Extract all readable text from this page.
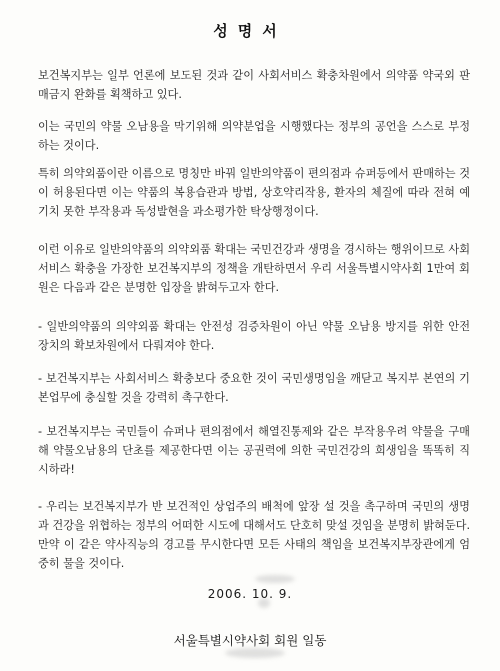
성명서
보건복지부는 일부 언론에 보도된 것과 같이 사회서비스 확충차원에서 의약품 약국외 판매금지 완화를 획책하고 있다.
이는 국민의 약물 오남용을 막기위해 의약분업을 시행했다는 정부의 공언을 스스로 부정하는 것이다.
특히 의약외품이란 이름으로 명칭만 바꿔 일반의약품이 편의점과 슈퍼등에서 판매하는 것이 허용된다면 이는 약품의 복용습관과 방법, 상호약리작용, 환자의 체질에 따라 전혀 예기치 못한 부작용과 독성발현을 과소평가한 탁상행정이다.
이런 이유로 일반의약품의 의약외품 확대는 국민건강과 생명을 경시하는 행위이므로 사회서비스 확충을 가장한 보건복지부의 정책을 개탄하면서 우리 서울특별시약사회 1만여 회원은 다음과 같은 분명한 입장을 밝혀두고자 한다.
- 일반의약품의 의약외품 확대는 안전성 검증차원이 아닌 약물 오남용 방지를 위한 안전장치의 확보차원에서 다뤄져야 한다.
- 보건복지부는 사회서비스 확충보다 중요한 것이 국민생명임을 깨닫고 복지부 본연의 기본업무에 충실할 것을 강력히 촉구한다.
- 보건복지부는 국민들이 슈퍼나 편의점에서 해열진통제와 같은 부작용우려 약물을 구매해 약물오남용의 단초를 제공한다면 이는 공권력에 의한 국민건강의 희생임을 똑똑히 직시하라!
- 우리는 보건복지부가 반 보건적인 상업주의 배척에 앞장 설 것을 촉구하며 국민의 생명과 건강을 위협하는 정부의 어떠한 시도에 대해서도 단호히 맞설 것임을 분명히 밝혀둔다. 만약 이 같은 약사직능의 경고를 무시한다면 모든 사태의 책임을 보건복지부장관에게 엄중히 물을 것이다.
2006. 10. 9.
서울특별시약사회 회원 일동
